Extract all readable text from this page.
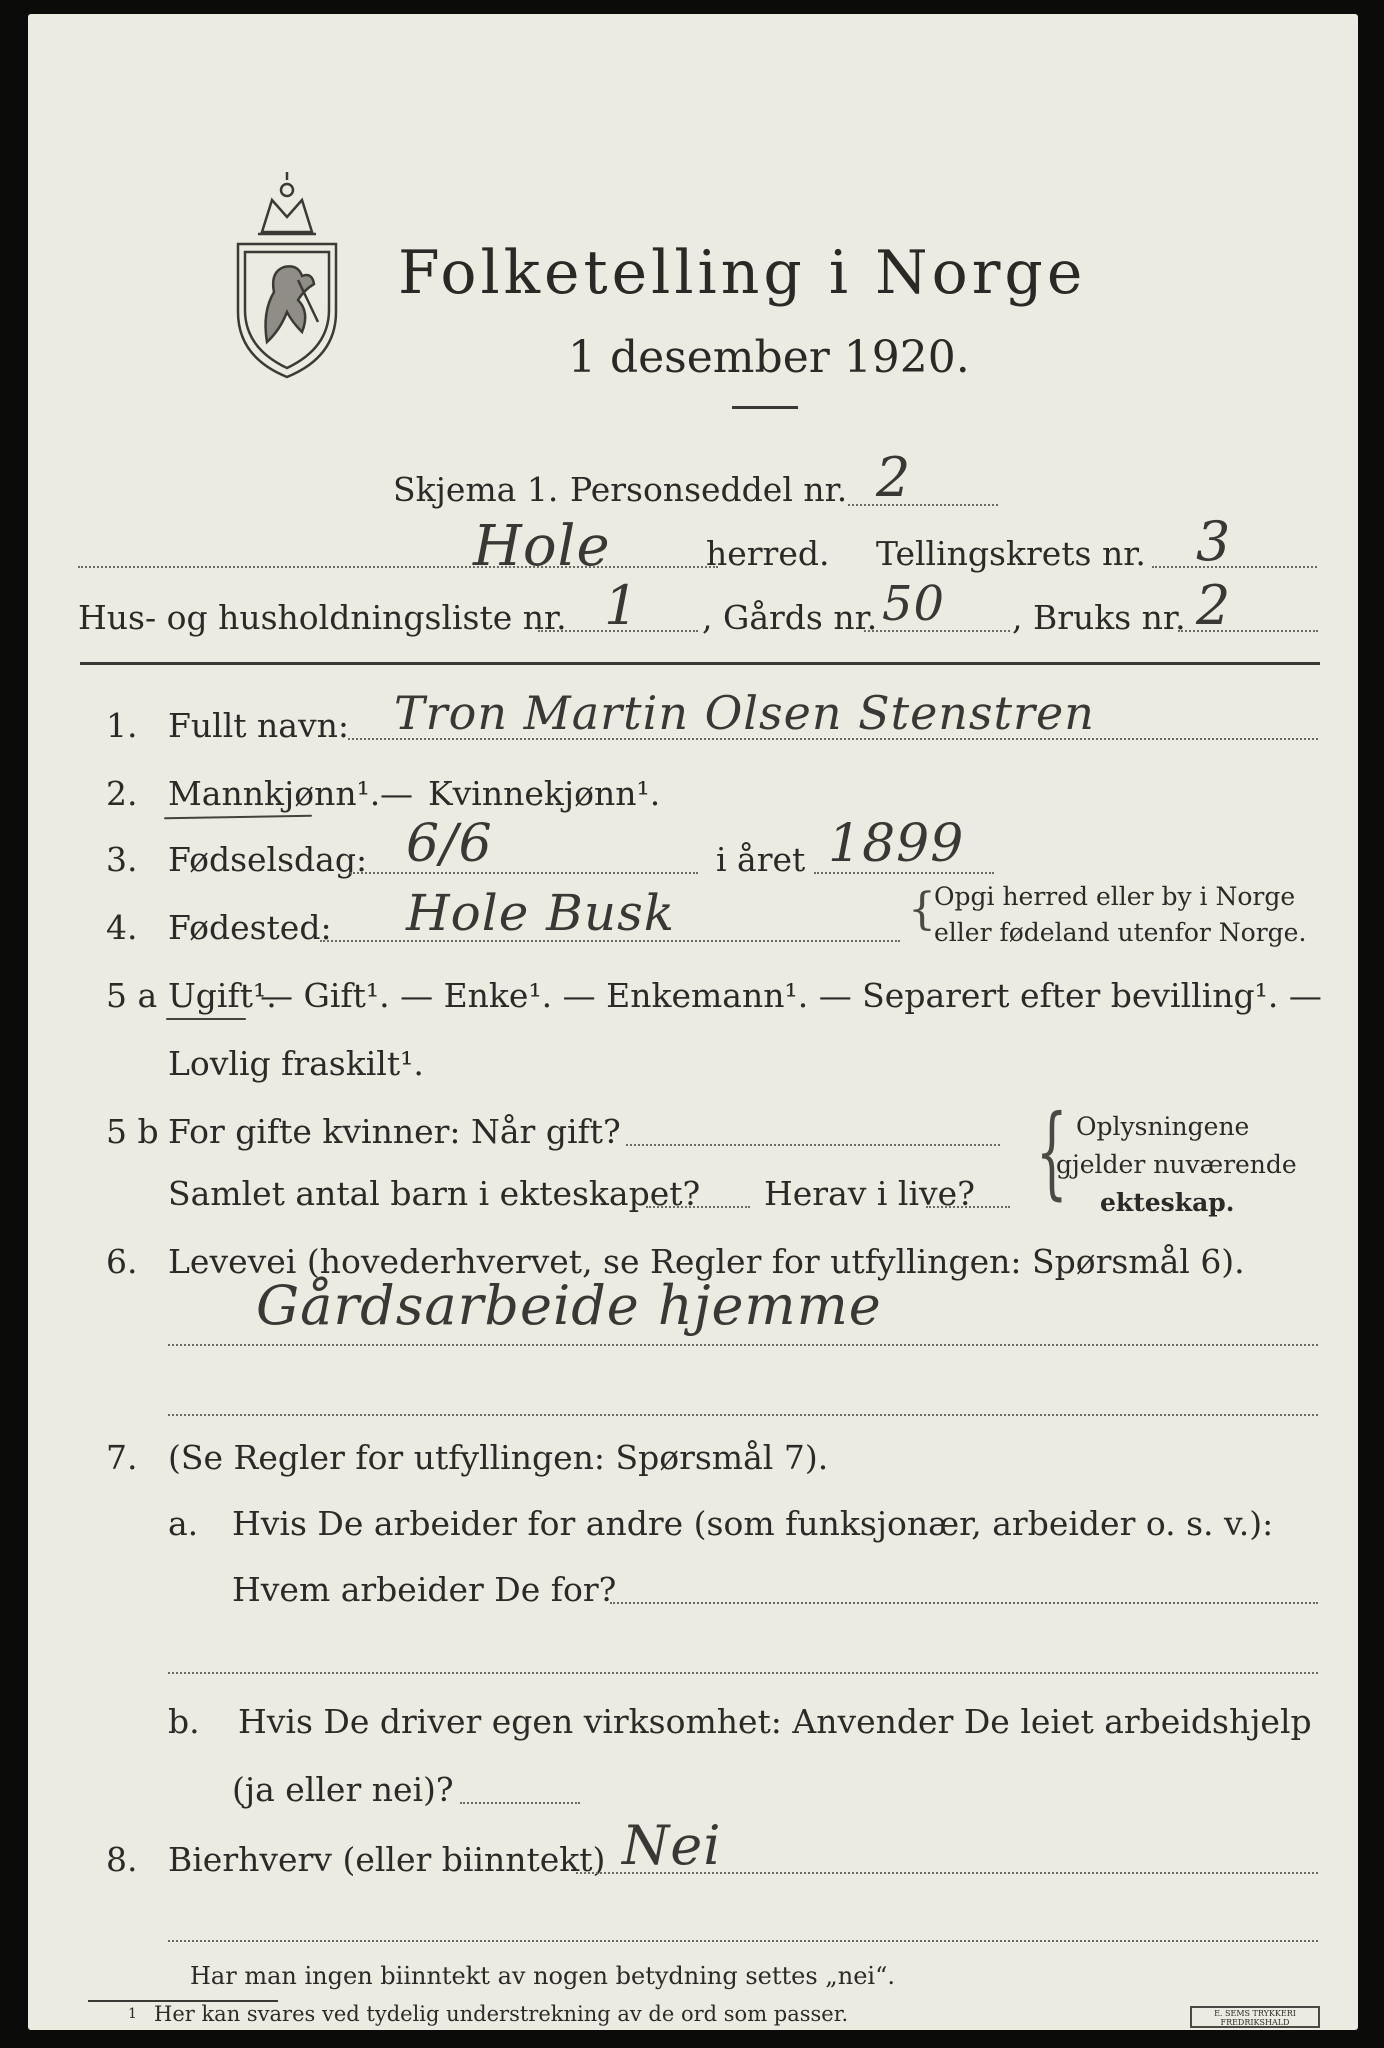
Folketelling i Norge
1 desember 1920.
Skjema 1. Personseddel nr. 2
Hole	herred. Tellingskrets nr. 3
Hus- og husholdningsliste nr. 1 , Gårds nr. 50 , Bruks nr. 2
1. Fullt navn: Tron Martin Olsen Stenstren
2. Mannkjønn¹. — Kvinnekjønn¹.
3. Fødselsdag: 6/6	i året 1899
4. Fødested: Hole Busk	{
Opgi herred eller by i Norge
eller fødeland utenfor Norge.
5 a Ugift¹.
— Gift¹. — Enke¹. — Enkemann¹. — Separert efter bevilling¹. —
Lovlig fraskilt¹.
5 b For gifte kvinner: Når gift?
Samlet antal barn i ekteskapet? Herav i live? { Oplysningene
gjelder nuværende
ekteskap.
6. Levevei (hovederhvervet, se Regler for utfyllingen: Spørsmål 6).
Gårdsarbeide hjemme
7. (Se Regler for utfyllingen: Spørsmål 7).
a. Hvis De arbeider for andre (som funksjonær, arbeider o. s. v.):
Hvem arbeider De for?
b. Hvis De driver egen virksomhet: Anvender De leiet arbeidshjelp
(ja eller nei)?
8. Bierhverv (eller biinntekt) Nei
Har man ingen biinntekt av nogen betydning settes „nei“.
1 Her kan svares ved tydelig understrekning av de ord som passer.	E. SEMS TRYKKERI FREDRIKSHALD
